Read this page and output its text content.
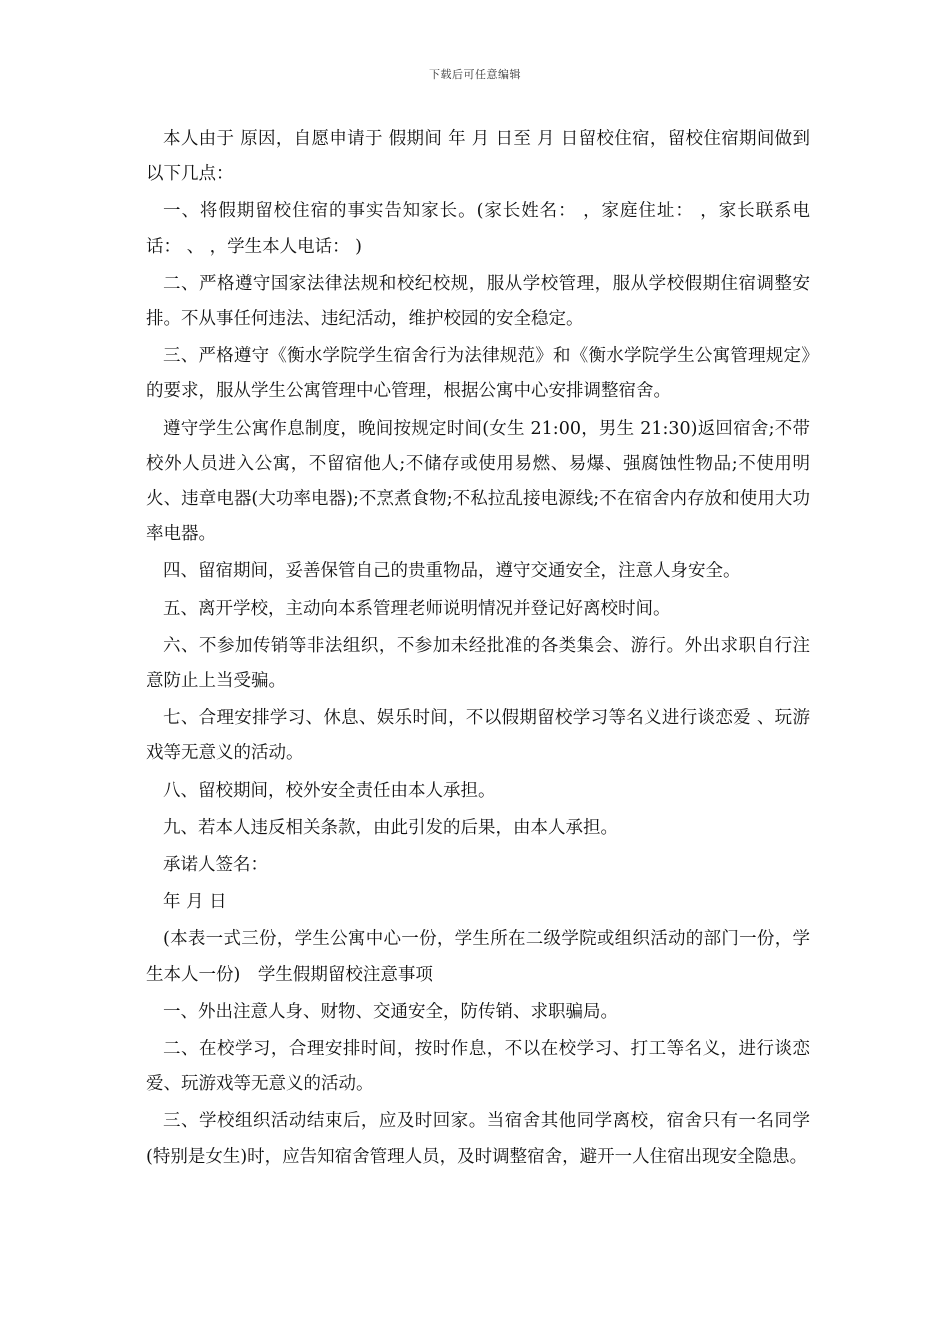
下载后可任意编辑

本人由于 原因，自愿申请于 假期间 年 月 日至 月 日留校住宿，留校住宿期间做到以下几点：

一、将假期留校住宿的事实告知家长。(家长姓名： ，家庭住址： ，家长联系电话： 、 ，学生本人电话： )

二、严格遵守国家法律法规和校纪校规，服从学校管理，服从学校假期住宿调整安排。不从事任何违法、违纪活动，维护校园的安全稳定。

三、严格遵守《衡水学院学生宿舍行为法律规范》和《衡水学院学生公寓管理规定》的要求，服从学生公寓管理中心管理，根据公寓中心安排调整宿舍。

遵守学生公寓作息制度，晚间按规定时间(女生 21:00，男生 21:30)返回宿舍;不带校外人员进入公寓，不留宿他人;不储存或使用易燃、易爆、强腐蚀性物品;不使用明火、违章电器(大功率电器);不烹煮食物;不私拉乱接电源线;不在宿舍内存放和使用大功率电器。

四、留宿期间，妥善保管自己的贵重物品，遵守交通安全，注意人身安全。

五、离开学校，主动向本系管理老师说明情况并登记好离校时间。

六、不参加传销等非法组织，不参加未经批准的各类集会、游行。外出求职自行注意防止上当受骗。

七、合理安排学习、休息、娱乐时间，不以假期留校学习等名义进行谈恋爱 、玩游戏等无意义的活动。

八、留校期间，校外安全责任由本人承担。

九、若本人违反相关条款，由此引发的后果，由本人承担。

承诺人签名：

年 月 日

(本表一式三份，学生公寓中心一份，学生所在二级学院或组织活动的部门一份，学生本人一份)　学生假期留校注意事项

一、外出注意人身、财物、交通安全，防传销、求职骗局。

二、在校学习，合理安排时间，按时作息，不以在校学习、打工等名义，进行谈恋爱、玩游戏等无意义的活动。

三、学校组织活动结束后，应及时回家。当宿舍其他同学离校，宿舍只有一名同学(特别是女生)时，应告知宿舍管理人员，及时调整宿舍，避开一人住宿出现安全隐患。
